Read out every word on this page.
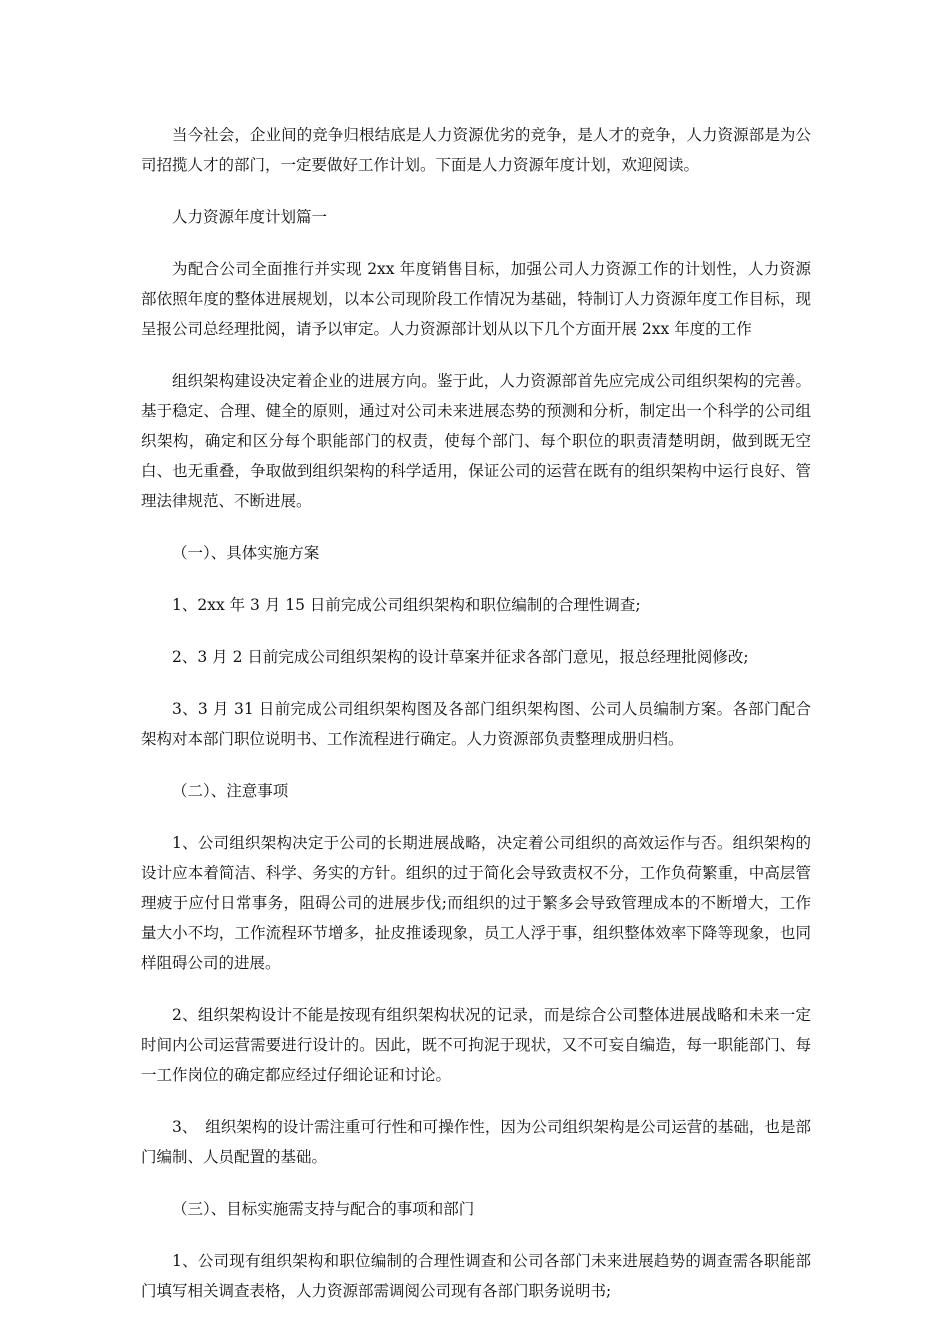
当今社会，企业间的竞争归根结底是人力资源优劣的竞争，是人才的竞争，人力资源部是为公司招揽人才的部门，一定要做好工作计划。下面是人力资源年度计划，欢迎阅读。

人力资源年度计划篇一

为配合公司全面推行并实现 2xx 年度销售目标，加强公司人力资源工作的计划性，人力资源部依照年度的整体进展规划，以本公司现阶段工作情况为基础，特制订人力资源年度工作目标，现呈报公司总经理批阅，请予以审定。人力资源部计划从以下几个方面开展 2xx 年度的工作

组织架构建设决定着企业的进展方向。鉴于此，人力资源部首先应完成公司组织架构的完善。基于稳定、合理、健全的原则，通过对公司未来进展态势的预测和分析，制定出一个科学的公司组织架构，确定和区分每个职能部门的权责，使每个部门、每个职位的职责清楚明朗，做到既无空白、也无重叠，争取做到组织架构的科学适用，保证公司的运营在既有的组织架构中运行良好、管理法律规范、不断进展。

（一）、具体实施方案

1、2xx 年 3 月 15 日前完成公司组织架构和职位编制的合理性调查;

2、3 月 2 日前完成公司组织架构的设计草案并征求各部门意见，报总经理批阅修改;

3、3 月 31 日前完成公司组织架构图及各部门组织架构图、公司人员编制方案。各部门配合架构对本部门职位说明书、工作流程进行确定。人力资源部负责整理成册归档。

（二）、注意事项

1、公司组织架构决定于公司的长期进展战略，决定着公司组织的高效运作与否。组织架构的设计应本着简洁、科学、务实的方针。组织的过于简化会导致责权不分，工作负荷繁重，中高层管理疲于应付日常事务，阻碍公司的进展步伐;而组织的过于繁多会导致管理成本的不断增大，工作量大小不均，工作流程环节增多，扯皮推诿现象，员工人浮于事，组织整体效率下降等现象，也同样阻碍公司的进展。

2、组织架构设计不能是按现有组织架构状况的记录，而是综合公司整体进展战略和未来一定时间内公司运营需要进行设计的。因此，既不可拘泥于现状，又不可妄自编造，每一职能部门、每一工作岗位的确定都应经过仔细论证和讨论。

3、　组织架构的设计需注重可行性和可操作性，因为公司组织架构是公司运营的基础，也是部门编制、人员配置的基础。

（三）、目标实施需支持与配合的事项和部门

1、公司现有组织架构和职位编制的合理性调查和公司各部门未来进展趋势的调查需各职能部门填写相关调查表格，人力资源部需调阅公司现有各部门职务说明书;
